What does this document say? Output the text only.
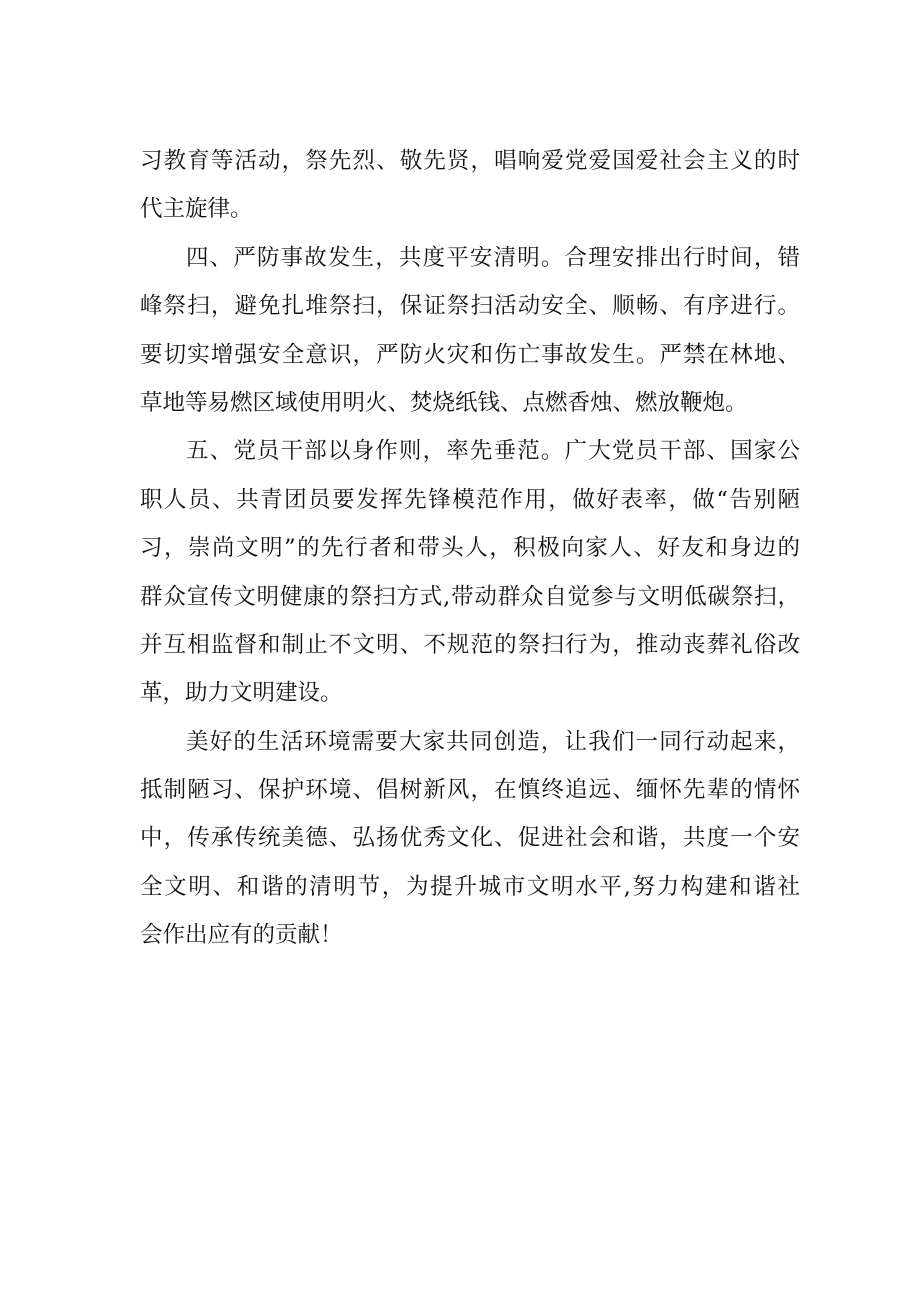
习教育等活动，祭先烈、敬先贤，唱响爱党爱国爱社会主义的时
代主旋律。
四、严防事故发生，共度平安清明。合理安排出行时间，错
峰祭扫，避免扎堆祭扫，保证祭扫活动安全、顺畅、有序进行。
要切实增强安全意识，严防火灾和伤亡事故发生。严禁在林地、
草地等易燃区域使用明火、焚烧纸钱、点燃香烛、燃放鞭炮。
五、党员干部以身作则，率先垂范。广大党员干部、国家公
职人员、共青团员要发挥先锋模范作用，做好表率，做“告别陋
习，崇尚文明”的先行者和带头人，积极向家人、好友和身边的
群众宣传文明健康的祭扫方式,带动群众自觉参与文明低碳祭扫，
并互相监督和制止不文明、不规范的祭扫行为，推动丧葬礼俗改
革，助力文明建设。
美好的生活环境需要大家共同创造，让我们一同行动起来，
抵制陋习、保护环境、倡树新风，在慎终追远、缅怀先辈的情怀
中，传承传统美德、弘扬优秀文化、促进社会和谐，共度一个安
全文明、和谐的清明节，为提升城市文明水平,努力构建和谐社
会作出应有的贡献！
